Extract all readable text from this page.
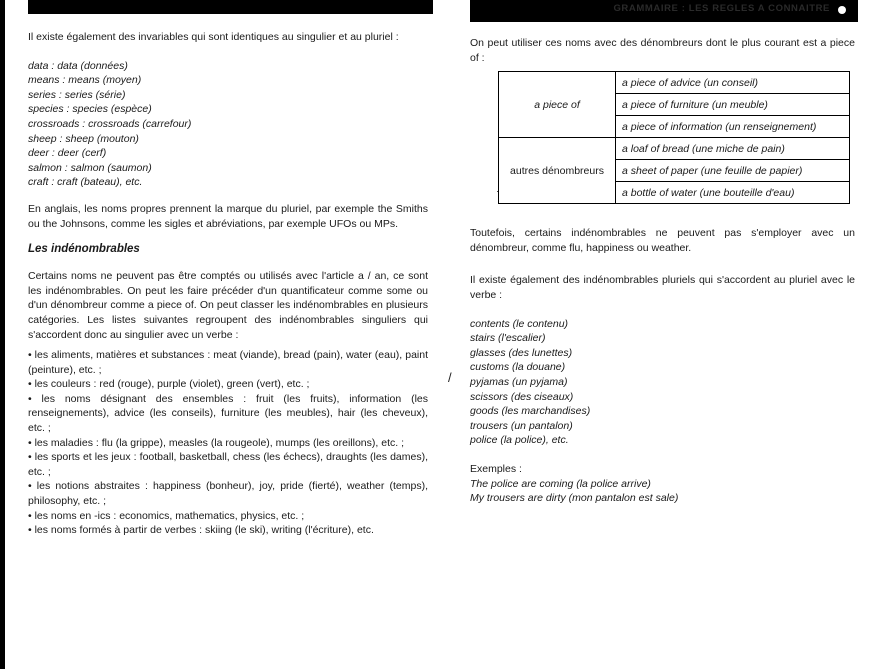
Il existe également des invariables qui sont identiques au singulier et au pluriel :

data : data (données)
means : means (moyen)
series : series (série)
species : species (espèce)
crossroads : crossroads (carrefour)
sheep : sheep (mouton)
deer : deer (cerf)
salmon : salmon (saumon)
craft : craft (bateau), etc.

En anglais, les noms propres prennent la marque du pluriel, par exemple the Smiths ou the Johnsons, comme les sigles et abréviations, par exemple UFOs ou MPs.

Les indénombrables

Certains noms ne peuvent pas être comptés ou utilisés avec l'article a / an, ce sont les indénombrables. On peut les faire précéder d'un quantificateur comme some ou d'un dénombreur comme a piece of. On peut classer les indénombrables en plusieurs catégories. Les listes suivantes regroupent des indénombrables singuliers qui s'accordent donc au singulier avec un verbe :

• les aliments, matières et substances : meat (viande), bread (pain), water (eau), paint (peinture), etc. ;
• les couleurs : red (rouge), purple (violet), green (vert), etc. ;
• les noms désignant des ensembles : fruit (les fruits), information (les renseignements), advice (les conseils), furniture (les meubles), hair (les cheveux), etc. ;
• les maladies : flu (la grippe), measles (la rougeole), mumps (les oreillons), etc. ;
• les sports et les jeux : football, basketball, chess (les échecs), draughts (les dames), etc. ;
• les notions abstraites : happiness (bonheur), joy, pride (fierté), weather (temps), philosophy, etc. ;
• les noms en -ics : economics, mathematics, physics, etc. ;
• les noms formés à partir de verbes : skiing (le ski), writing (l'écriture), etc.
GRAMMAIRE : LES REGLES A CONNAITRE

On peut utiliser ces noms avec des dénombreurs dont le plus courant est a piece of :

a piece of	a piece of advice (un conseil)
	a piece of furniture (un meuble)
	a piece of information (un renseignement)
autres dénombreurs	a loaf of bread (une miche de pain)
	a sheet of paper (une feuille de papier)
	a bottle of water (une bouteille d'eau)

Toutefois, certains indénombrables ne peuvent pas s'employer avec un dénombreur, comme flu, happiness ou weather.

Il existe également des indénombrables pluriels qui s'accordent au pluriel avec le verbe :

contents (le contenu)
stairs (l'escalier)
glasses (des lunettes)
customs (la douane)
pyjamas (un pyjama)
scissors (des ciseaux)
goods (les marchandises)
trousers (un pantalon)
police (la police), etc.
Exemples :
The police are coming (la police arrive)
My trousers are dirty (mon pantalon est sale)
/
·
